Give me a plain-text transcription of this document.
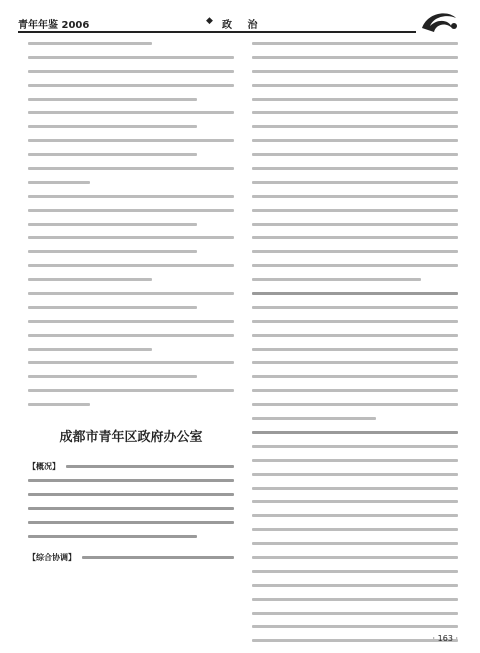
青年年鉴 2006	◆ 政 治
成都市青年区政府办公室
【概况】
【综合协调】
· 163 ·
